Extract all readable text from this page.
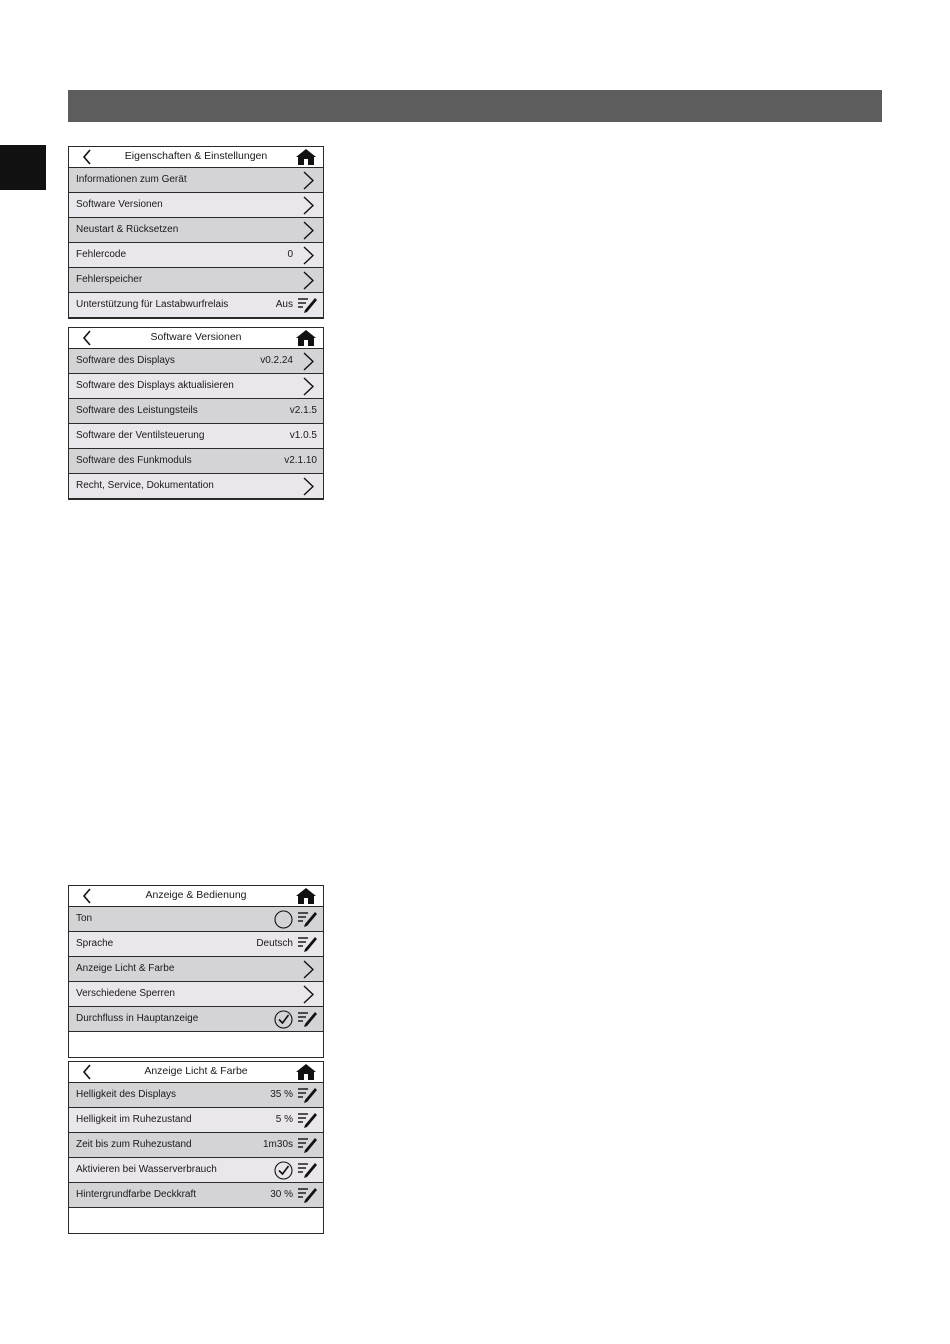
Eigenschaften & Einstellungen
Informationen zum Gerät
Software Versionen
Neustart & Rücksetzen
Fehlercode	0
Fehlerspeicher
Unterstützung für Lastabwurfrelais	Aus
Software Versionen
Software des Displays	v0.2.24
Software des Displays aktualisieren
Software des Leistungsteils	v2.1.5
Software der Ventilsteuerung	v1.0.5
Software des Funkmoduls	v2.1.10
Recht, Service, Dokumentation
Anzeige & Bedienung
Ton
Sprache	Deutsch
Anzeige Licht & Farbe
Verschiedene Sperren
Durchfluss in Hauptanzeige
Anzeige Licht & Farbe
Helligkeit des Displays	35 %
Helligkeit im Ruhezustand	5 %
Zeit bis zum Ruhezustand	1m30s
Aktivieren bei Wasserverbrauch
Hintergrundfarbe Deckkraft	30 %
